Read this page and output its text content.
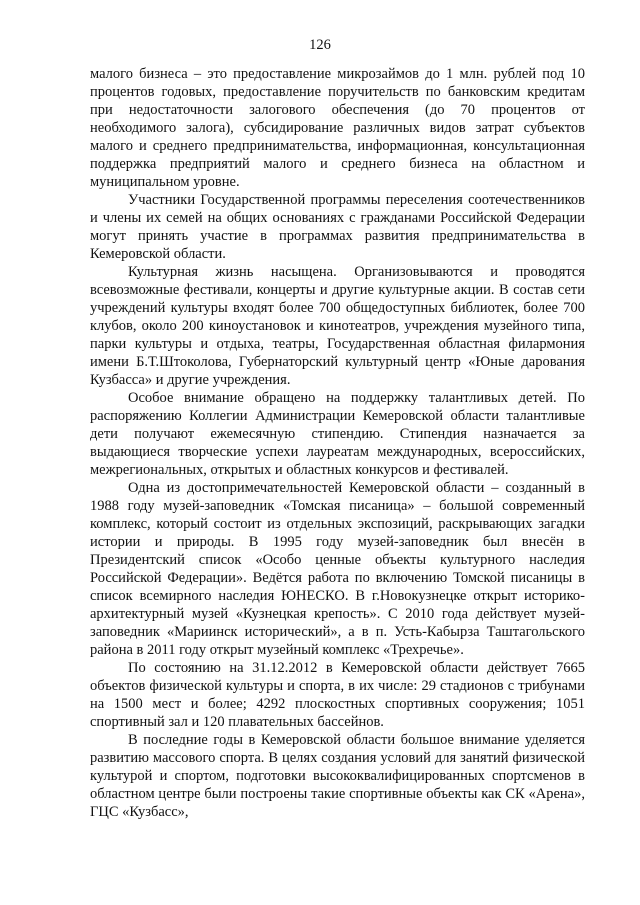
126

малого бизнеса – это предоставление микрозаймов до 1 млн. рублей под 10 процентов годовых, предоставление поручительств по банковским кредитам при недостаточности залогового обеспечения (до 70 процентов от необходимого залога), субсидирование различных видов затрат субъектов малого и среднего предпринимательства, информационная, консультационная поддержка предприятий малого и среднего бизнеса на областном и муниципальном уровне.

Участники Государственной программы переселения соотечественников и члены их семей на общих основаниях с гражданами Российской Федерации могут принять участие в программах развития предпринимательства в Кемеровской области.

Культурная жизнь насыщена. Организовываются и проводятся всевозможные фестивали, концерты и другие культурные акции. В состав сети учреждений культуры входят более 700 общедоступных библиотек, более 700 клубов, около 200 киноустановок и кинотеатров, учреждения музейного типа, парки культуры и отдыха, театры, Государственная областная филармония имени Б.Т.Штоколова, Губернаторский культурный центр «Юные дарования Кузбасса» и другие учреждения.

Особое внимание обращено на поддержку талантливых детей. По распоряжению Коллегии Администрации Кемеровской области талантливые дети получают ежемесячную стипендию. Стипендия назначается за выдающиеся творческие успехи лауреатам международных, всероссийских, межрегиональных, открытых и областных конкурсов и фестивалей.

Одна из достопримечательностей Кемеровской области – созданный в 1988 году музей-заповедник «Томская писаница» – большой современный комплекс, который состоит из отдельных экспозиций, раскрывающих загадки истории и природы. В 1995 году музей-заповедник был внесён в Президентский список «Особо ценные объекты культурного наследия Российской Федерации». Ведётся работа по включению Томской писаницы в список всемирного наследия ЮНЕСКО. В г.Новокузнецке открыт историко-архитектурный музей «Кузнецкая крепость». С 2010 года действует музей-заповедник «Мариинск исторический», а в п. Усть-Кабырза Таштагольского района в 2011 году открыт музейный комплекс «Трехречье».

По состоянию на 31.12.2012 в Кемеровской области действует 7665 объектов физической культуры и спорта, в их числе: 29 стадионов с трибунами на 1500 мест и более; 4292 плоскостных спортивных сооружения; 1051 спортивный зал и 120 плавательных бассейнов.

В последние годы в Кемеровской области большое внимание уделяется развитию массового спорта. В целях создания условий для занятий физической культурой и спортом, подготовки высококвалифицированных спортсменов в областном центре были построены такие спортивные объекты как СК «Арена», ГЦС «Кузбасс»,
